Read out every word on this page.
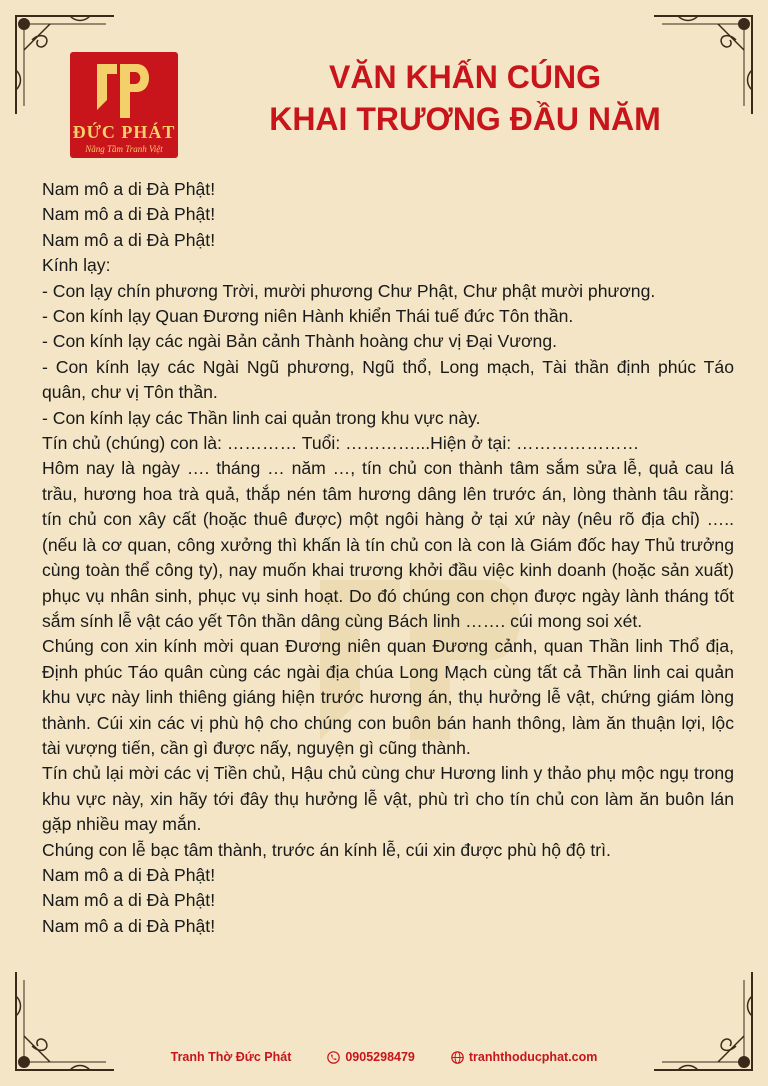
ĐỨC PHÁT
Nâng Tầm Tranh Việt
VĂN KHẤN CÚNG
KHAI TRƯƠNG ĐẦU NĂM

Nam mô a di Đà Phật!

Nam mô a di Đà Phật!

Nam mô a di Đà Phật!

Kính lạy:

- Con lạy chín phương Trời, mười phương Chư Phật, Chư phật mười phương.

- Con kính lạy Quan Đương niên Hành khiển Thái tuế đức Tôn thần.

- Con kính lạy các ngài Bản cảnh Thành hoàng chư vị Đại Vương.

- Con kính lạy các Ngài Ngũ phương, Ngũ thổ, Long mạch, Tài thần định phúc Táo quân, chư vị Tôn thần.

- Con kính lạy các Thần linh cai quản trong khu vực này.

Tín chủ (chúng) con là: ………… Tuổi: …………...Hiện ở tại: …………………

Hôm nay là ngày …. tháng … năm …, tín chủ con thành tâm sắm sửa lễ, quả cau lá trầu, hương hoa trà quả, thắp nén tâm hương dâng lên trước án, lòng thành tâu rằng: tín chủ con xây cất (hoặc thuê được) một ngôi hàng ở tại xứ này (nêu rõ địa chỉ) ….. (nếu là cơ quan, công xưởng thì khấn là tín chủ con là con là Giám đốc hay Thủ trưởng cùng toàn thể công ty), nay muốn khai trương khởi đầu việc kinh doanh (hoặc sản xuất) phục vụ nhân sinh, phục vụ sinh hoạt. Do đó chúng con chọn được ngày lành tháng tốt sắm sính lễ vật cáo yết Tôn thần dâng cùng Bách linh ……. cúi mong soi xét.

Chúng con xin kính mời quan Đương niên quan Đương cảnh, quan Thần linh Thổ địa, Định phúc Táo quân cùng các ngài địa chúa Long Mạch cùng tất cả Thần linh cai quản khu vực này linh thiêng giáng hiện trước hương án, thụ hưởng lễ vật, chứng giám lòng thành. Cúi xin các vị phù hộ cho chúng con buôn bán hanh thông, làm ăn thuận lợi, lộc tài vượng tiến, cần gì được nấy, nguyện gì cũng thành.

Tín chủ lại mời các vị Tiền chủ, Hậu chủ cùng chư Hương linh y thảo phụ mộc ngụ trong khu vực này, xin hãy tới đây thụ hưởng lễ vật, phù trì cho tín chủ con làm ăn buôn lán gặp nhiều may mắn.

Chúng con lễ bạc tâm thành, trước án kính lễ, cúi xin được phù hộ độ trì.

Nam mô a di Đà Phật!

Nam mô a di Đà Phật!

Nam mô a di Đà Phật!

Tranh Thờ Đức Phát	0905298479	tranhthoducphat.com
